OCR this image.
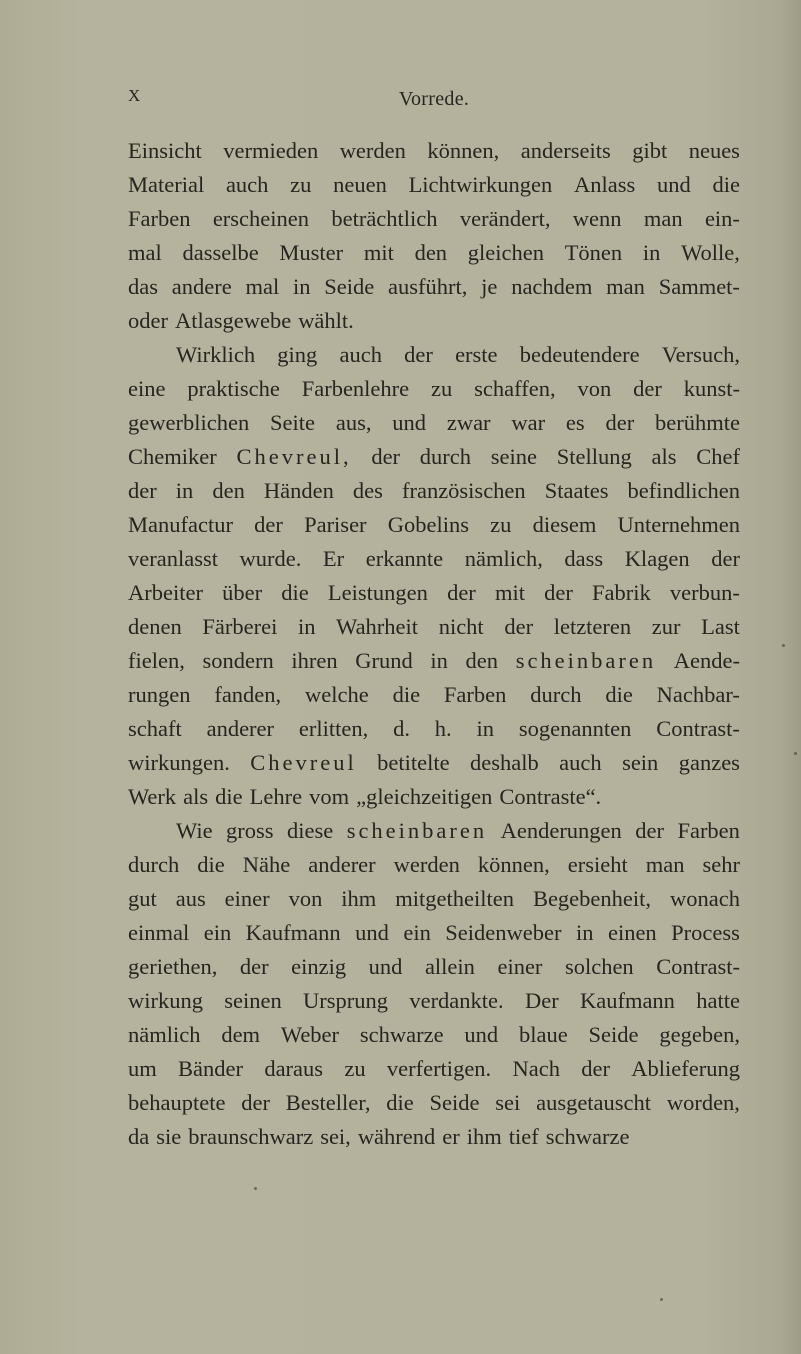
X	Vorrede.
Einsicht vermieden werden können, anderseits gibt neues
Material auch zu neuen Lichtwirkungen Anlass und die
Farben erscheinen beträchtlich verändert, wenn man ein-
mal dasselbe Muster mit den gleichen Tönen in Wolle,
das andere mal in Seide ausführt, je nachdem man Sammet-
oder Atlasgewebe wählt.
Wirklich ging auch der erste bedeutendere Versuch,
eine praktische Farbenlehre zu schaffen, von der kunst-
gewerblichen Seite aus, und zwar war es der berühmte
Chemiker Chevreul, der durch seine Stellung als Chef
der in den Händen des französischen Staates befindlichen
Manufactur der Pariser Gobelins zu diesem Unternehmen
veranlasst wurde. Er erkannte nämlich, dass Klagen der
Arbeiter über die Leistungen der mit der Fabrik verbun-
denen Färberei in Wahrheit nicht der letzteren zur Last
fielen, sondern ihren Grund in den scheinbaren Aende-
rungen fanden, welche die Farben durch die Nachbar-
schaft anderer erlitten, d. h. in sogenannten Contrast-
wirkungen. Chevreul betitelte deshalb auch sein ganzes
Werk als die Lehre vom „gleichzeitigen Contraste“.
Wie gross diese scheinbaren Aenderungen der Farben
durch die Nähe anderer werden können, ersieht man sehr
gut aus einer von ihm mitgetheilten Begebenheit, wonach
einmal ein Kaufmann und ein Seidenweber in einen Process
geriethen, der einzig und allein einer solchen Contrast-
wirkung seinen Ursprung verdankte. Der Kaufmann hatte
nämlich dem Weber schwarze und blaue Seide gegeben,
um Bänder daraus zu verfertigen. Nach der Ablieferung
behauptete der Besteller, die Seide sei ausgetauscht worden,
da sie braunschwarz sei, während er ihm tief schwarze
